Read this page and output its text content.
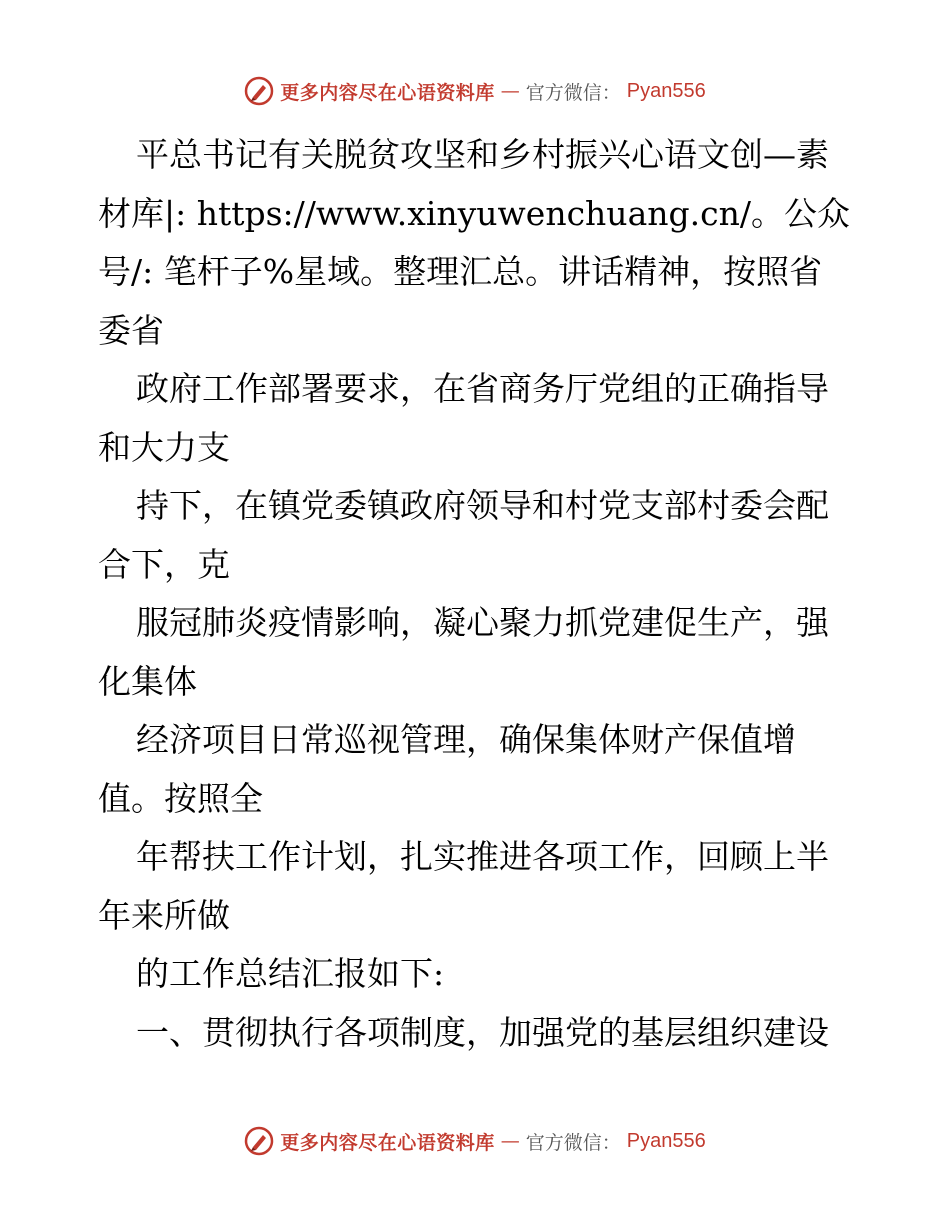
更多内容尽在心语资料库 — 官方微信： Pyan556
平总书记有关脱贫攻坚和乡村振兴心语文创—素
材库|: https://www.xinyuwenchuang.cn/。公众
号/: 笔杆子%星域。整理汇总。讲话精神，按照省
委省
政府工作部署要求，在省商务厅党组的正确指导
和大力支
持下，在镇党委镇政府领导和村党支部村委会配
合下，克
服冠肺炎疫情影响，凝心聚力抓党建促生产，强
化集体
经济项目日常巡视管理，确保集体财产保值增
值。按照全
年帮扶工作计划，扎实推进各项工作，回顾上半
年来所做
的工作总结汇报如下:
一、贯彻执行各项制度，加强党的基层组织建设
更多内容尽在心语资料库 — 官方微信： Pyan556
